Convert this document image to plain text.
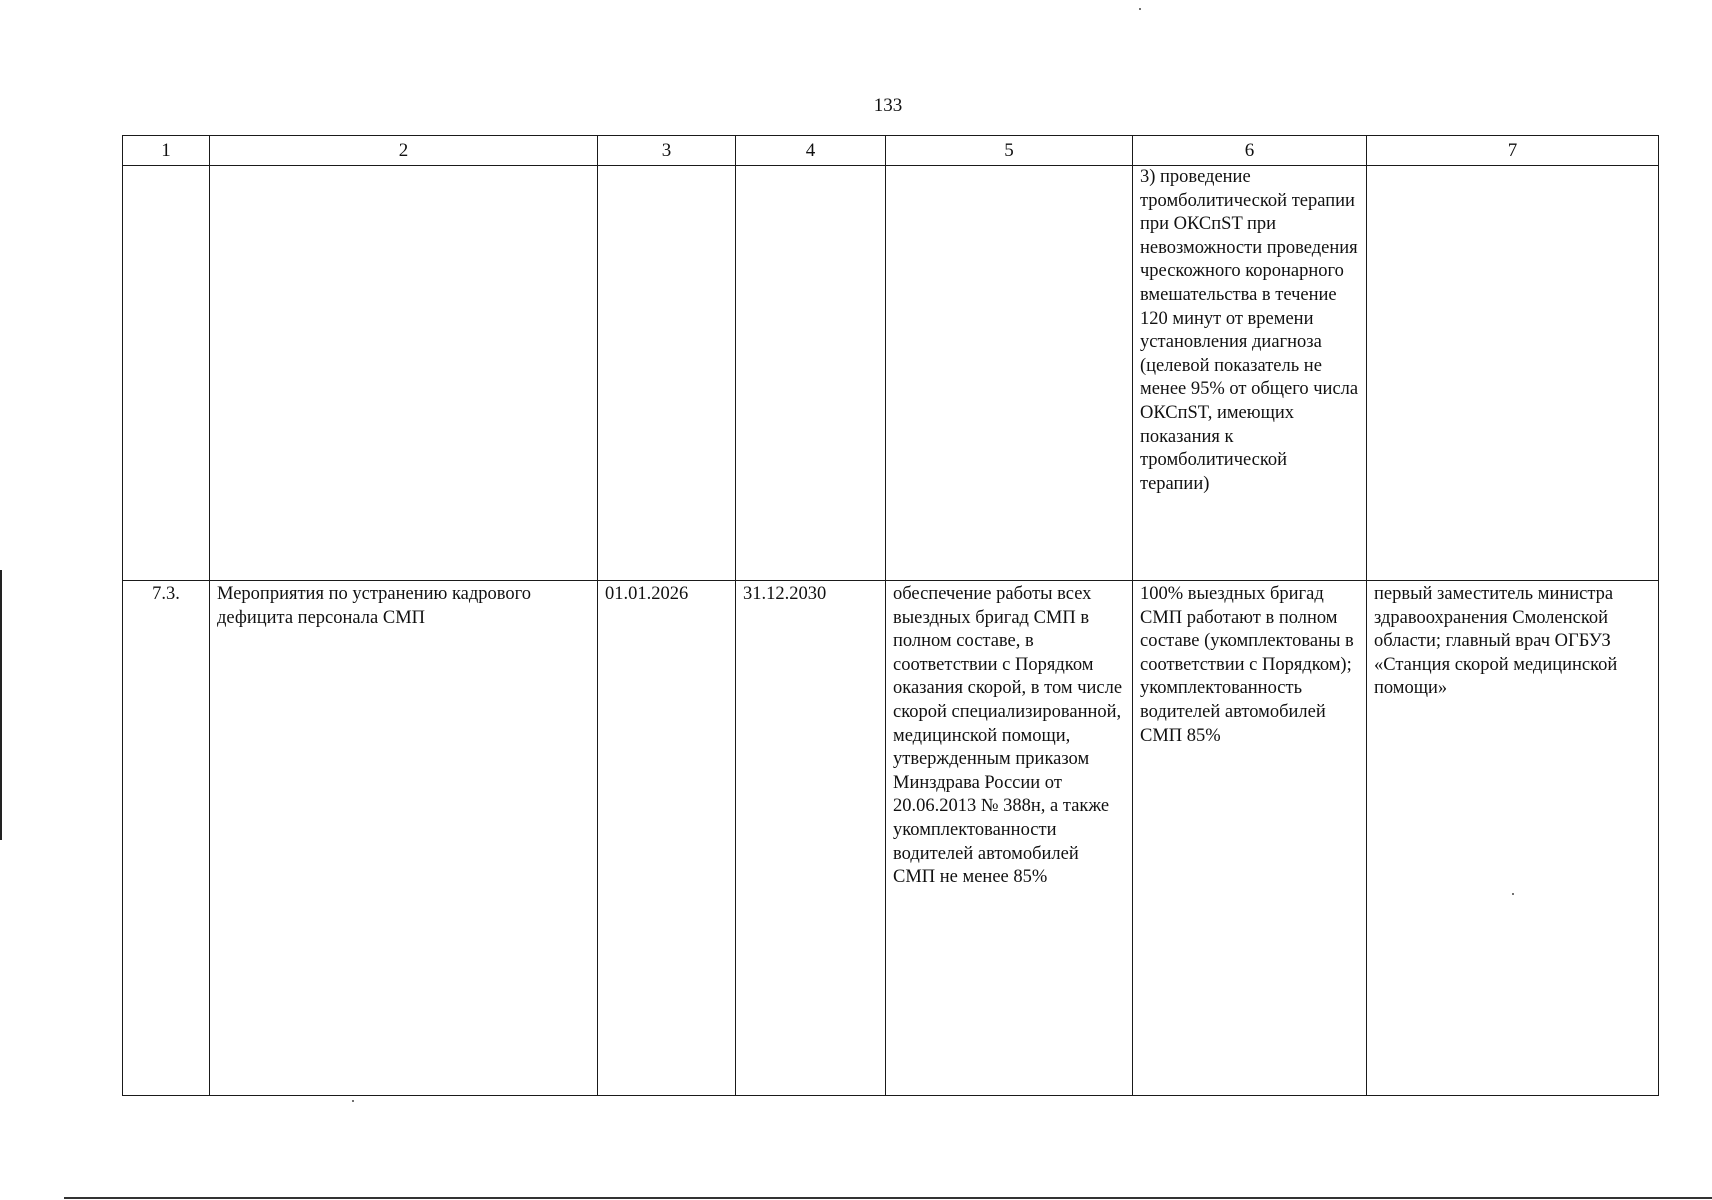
133
1	2	3	4	5	6	7
					3) проведение тромболитической терапии при ОКСпST при невозможности проведения чрескожного коронарного вмешательства в течение 120 минут от времени установления диагноза (целевой показатель не менее 95% от общего числа ОКСпST, имеющих показания к тромболитической терапии)	
7.3.	Мероприятия по устранению кадрового дефицита персонала СМП	01.01.2026	31.12.2030	обеспечение работы всех выездных бригад СМП в полном составе, в соответствии с Порядком оказания скорой, в том числе скорой специализированной, медицинской помощи, утвержденным приказом Минздрава России от 20.06.2013 № 388н, а также укомплектованности водителей автомобилей СМП не менее 85%	100% выездных бригад СМП работают в полном составе (укомплектованы в соответствии с Порядком); укомплектованность водителей автомобилей СМП 85%	первый заместитель министра здравоохранения Смоленской области; главный врач ОГБУЗ «Станция скорой медицинской помощи»
